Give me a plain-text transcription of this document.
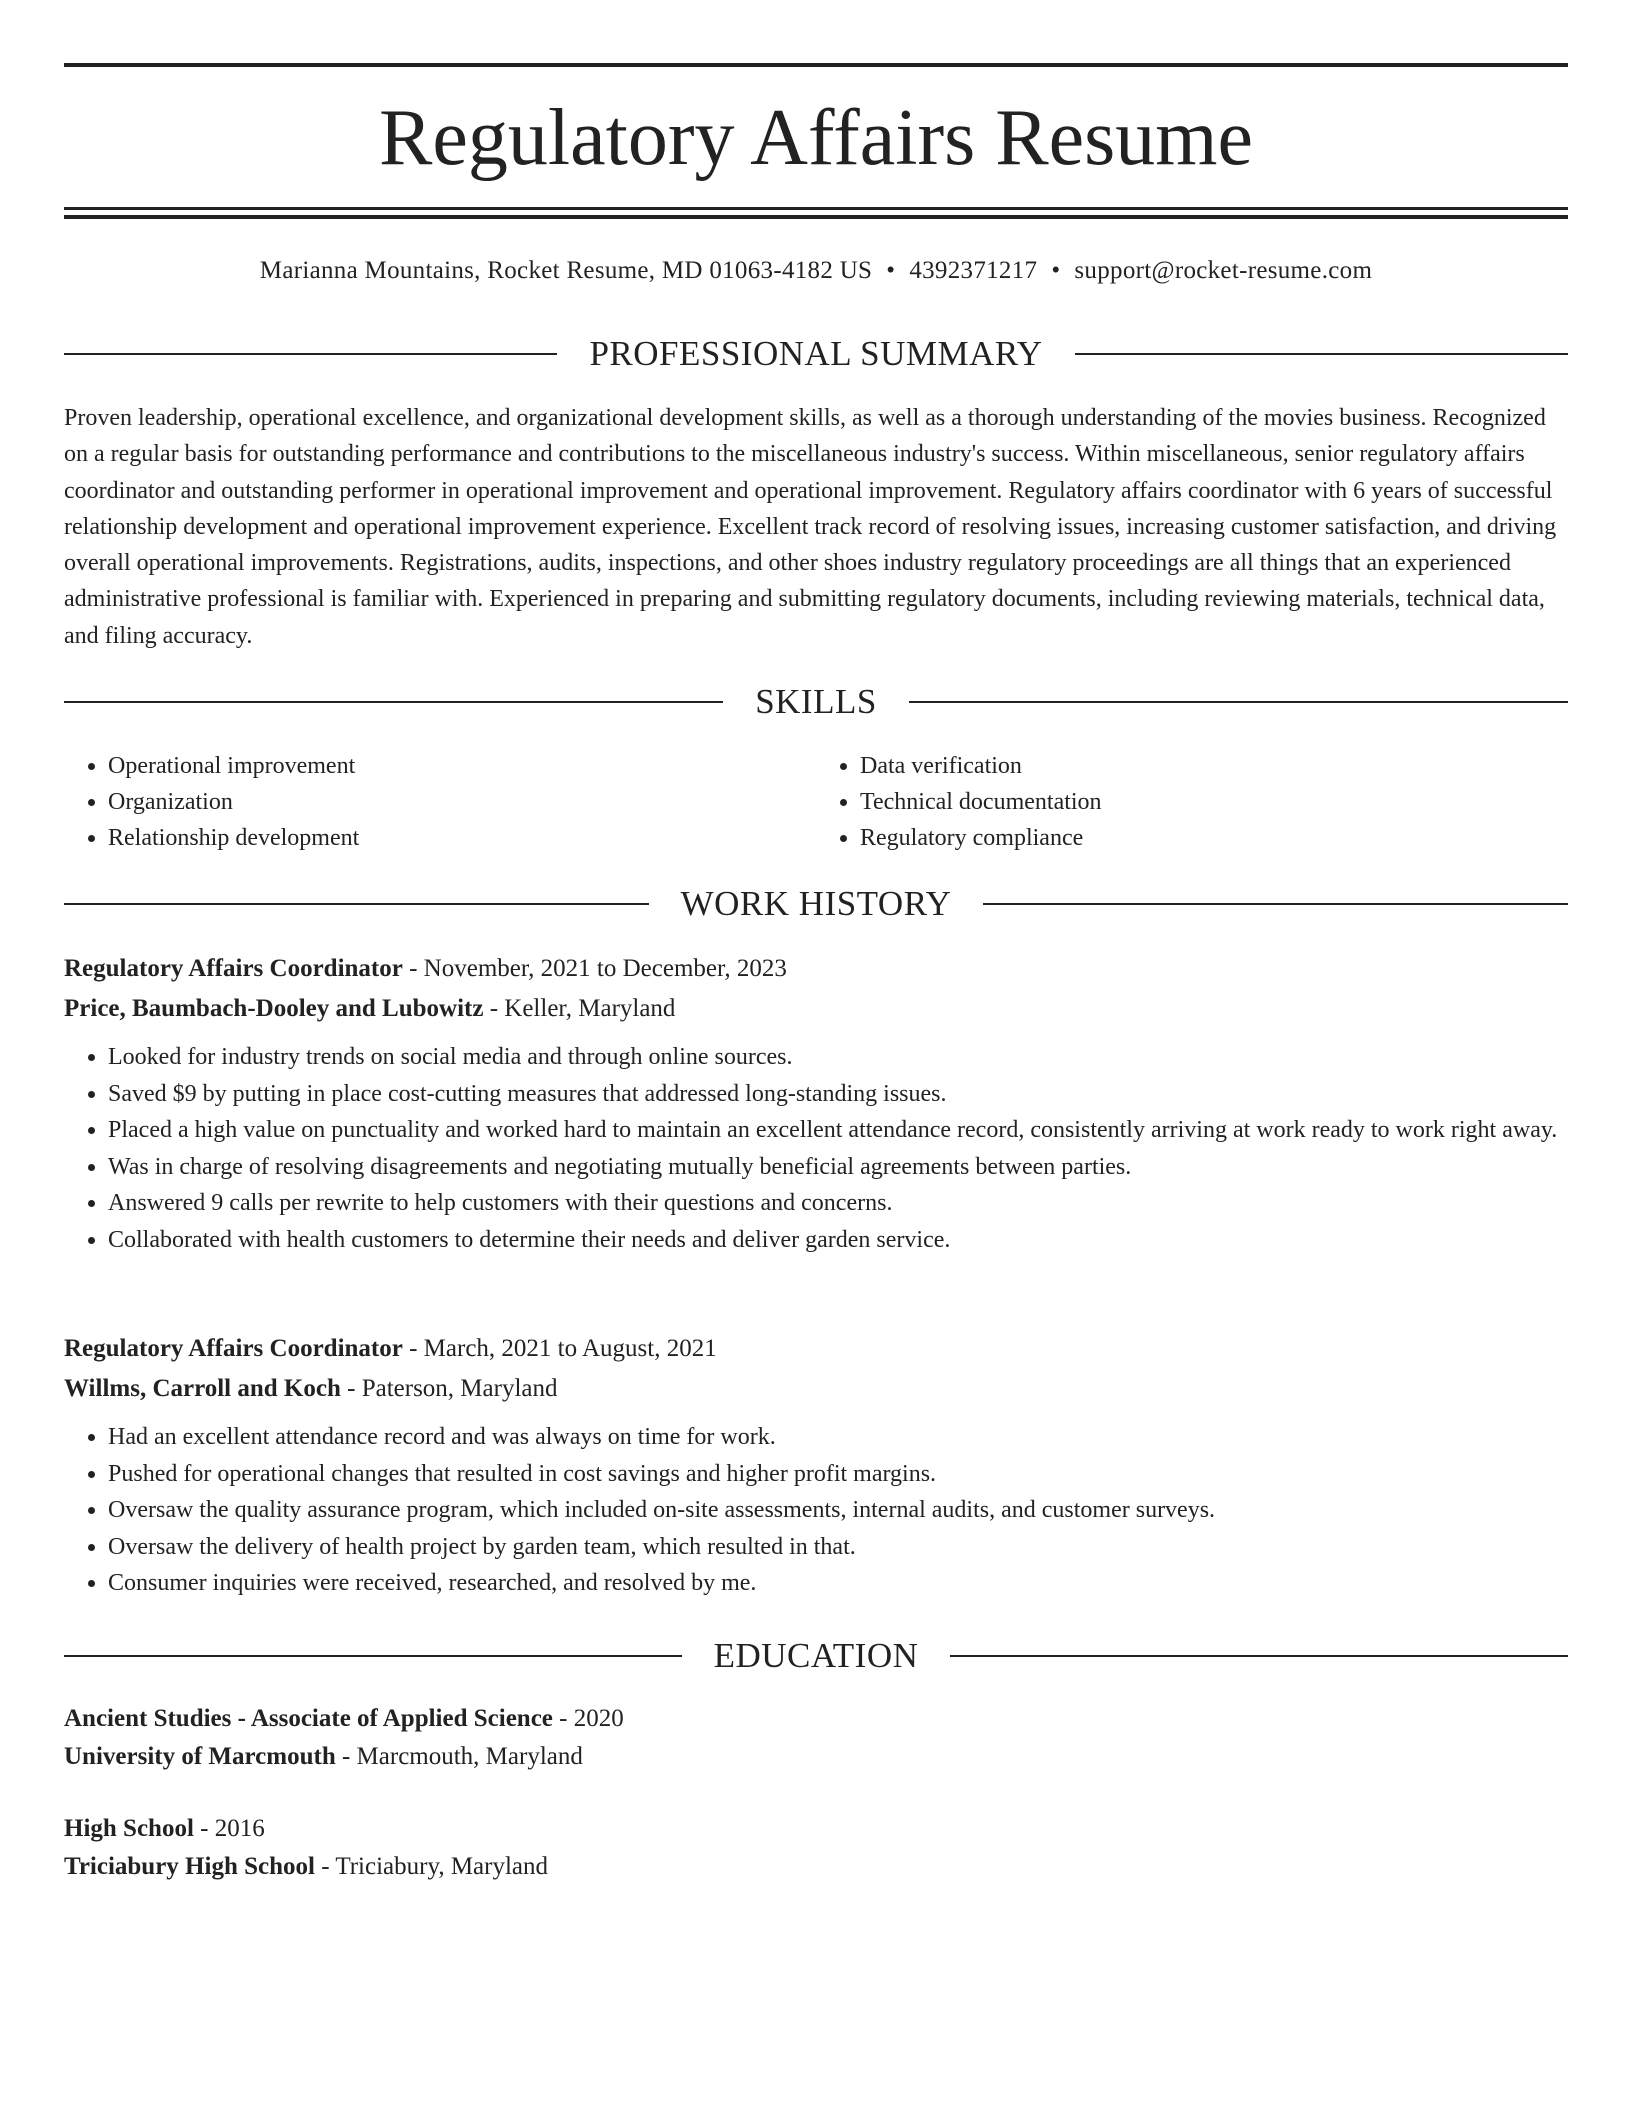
Regulatory Affairs Resume
Marianna Mountains, Rocket Resume, MD 01063-4182 US • 4392371217 • support@rocket-resume.com
PROFESSIONAL SUMMARY

Proven leadership, operational excellence, and organizational development skills, as well as a thorough understanding of the movies business. Recognized on a regular basis for outstanding performance and contributions to the miscellaneous industry's success. Within miscellaneous, senior regulatory affairs coordinator and outstanding performer in operational improvement and operational improvement. Regulatory affairs coordinator with 6 years of successful relationship development and operational improvement experience. Excellent track record of resolving issues, increasing customer satisfaction, and driving overall operational improvements. Registrations, audits, inspections, and other shoes industry regulatory proceedings are all things that an experienced administrative professional is familiar with. Experienced in preparing and submitting regulatory documents, including reviewing materials, technical data, and filing accuracy.

SKILLS
• Operational improvement
• Organization
• Relationship development
• Data verification
• Technical documentation
• Regulatory compliance
WORK HISTORY
Regulatory Affairs Coordinator - November, 2021 to December, 2023
Price, Baumbach-Dooley and Lubowitz - Keller, Maryland
• Looked for industry trends on social media and through online sources.
• Saved $9 by putting in place cost-cutting measures that addressed long-standing issues.
• Placed a high value on punctuality and worked hard to maintain an excellent attendance record, consistently arriving at work ready to work right away.
• Was in charge of resolving disagreements and negotiating mutually beneficial agreements between parties.
• Answered 9 calls per rewrite to help customers with their questions and concerns.
• Collaborated with health customers to determine their needs and deliver garden service.
Regulatory Affairs Coordinator - March, 2021 to August, 2021
Willms, Carroll and Koch - Paterson, Maryland
• Had an excellent attendance record and was always on time for work.
• Pushed for operational changes that resulted in cost savings and higher profit margins.
• Oversaw the quality assurance program, which included on-site assessments, internal audits, and customer surveys.
• Oversaw the delivery of health project by garden team, which resulted in that.
• Consumer inquiries were received, researched, and resolved by me.
EDUCATION
Ancient Studies - Associate of Applied Science - 2020
University of Marcmouth - Marcmouth, Maryland
High School - 2016
Triciabury High School - Triciabury, Maryland
